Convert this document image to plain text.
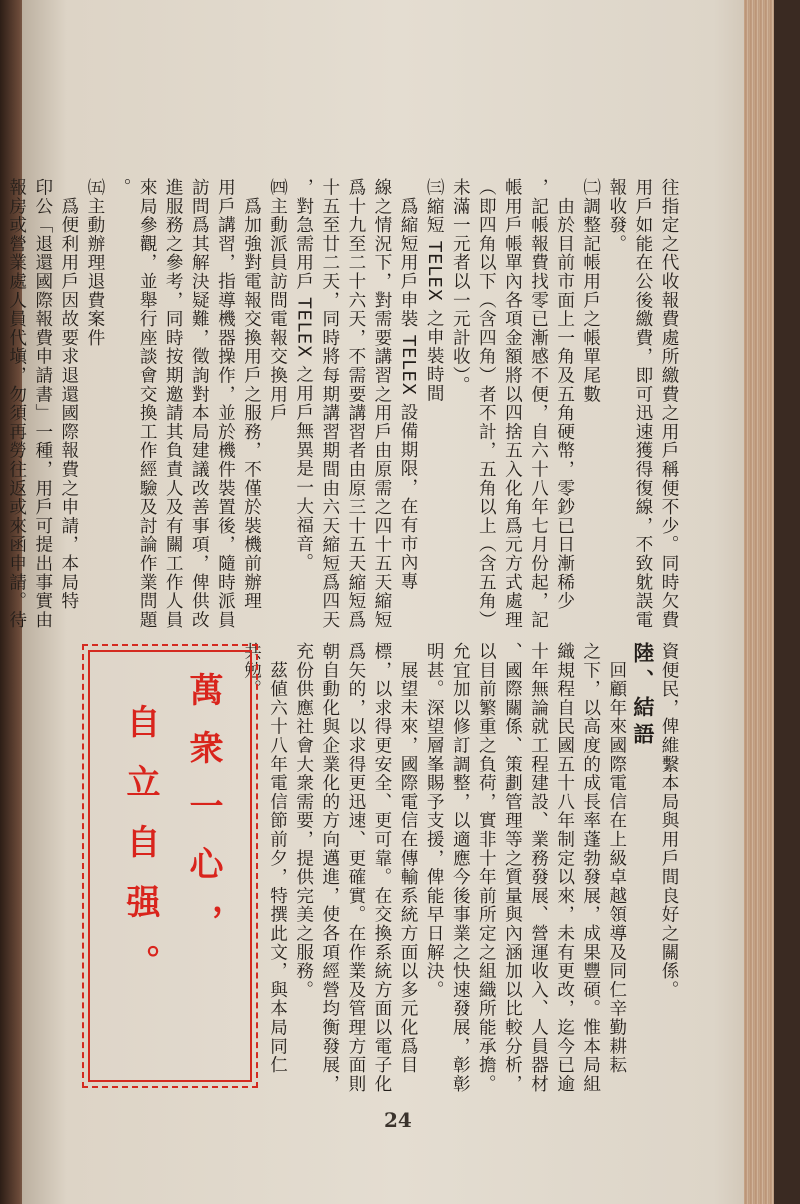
往指定之代收報費處所繳費之用戶稱便不少。同時欠費
用戶如能在公後繳費，即可迅速獲得復線，不致躭誤電
報收發。
㈡調整記帳用戶之帳單尾數
　由於目前市面上一角及五角硬幣，零鈔已日漸稀少
，記帳報費找零已漸感不便，自六十八年七月份起，記
帳用戶帳單內各項金額將以四捨五入化角爲元方式處理
（即四角以下（含四角）者不計，五角以上（含五角）
未滿一元者以一元計收）。
㈢縮短 TELEX 之申裝時間
　爲縮短用戶申裝 TELEX 設備期限，在有市內專
線之情況下，對需要講習之用戶由原需之四十五天縮短
爲十九至二十六天，不需要講習者由原三十五天縮短爲
十五至廿二天，同時將每期講習期間由六天縮短爲四天
，對急需用戶 TELEX 之用戶無異是一大福音。
㈣主動派員訪問電報交換用戶
　爲加強對電報交換用戶之服務，不僅於裝機前辦理
用戶講習，指導機器操作，並於機件裝置後，隨時派員
訪問爲其解決疑難，徵詢對本局建議改善事項，俾供改
進服務之參考，同時按期邀請其負責人及有關工作人員
來局參觀，並舉行座談會交換工作經驗及討論作業問題
。
㈤主動辦理退費案件
　爲便利用戶因故要求退還國際報費之申請，本局特
印公「退還國際報費申請書」一種，用戶可提出事實由
報房或營業處人員代塡，勿須再勞往返或來函申請。待
資便民，俾維繫本局與用戶間良好之關係。
陸、結語
　回顧年來國際電信在上級卓越領導及同仁辛勤耕耘
之下，以高度的成長率蓬勃發展，成果豐碩。惟本局組
織規程自民國五十八年制定以來，未有更改，迄今已逾
十年無論就工程建設、業務發展、營運收入、人員器材
、國際關係、策劃管理等之質量與內涵加以比較分析，
以目前繁重之負荷，實非十年前所定之組織所能承擔。
允宜加以修訂調整，以適應今後事業之快速發展，彰彰
明甚。深望層峯賜予支援，俾能早日解決。
　展望未來，國際電信在傳輸系統方面以多元化爲目
標，以求得更安全、更可靠。在交換系統方面以電子化
爲矢的，以求得更迅速、更確實。在作業及管理方面則
朝自動化與企業化的方向邁進，使各項經營均衡發展，
充份供應社會大衆需要，提供完美之服務。
　茲値六十八年電信節前夕，特撰此文，與本局同仁
共勉。
萬衆一心，
自立自强。
24
